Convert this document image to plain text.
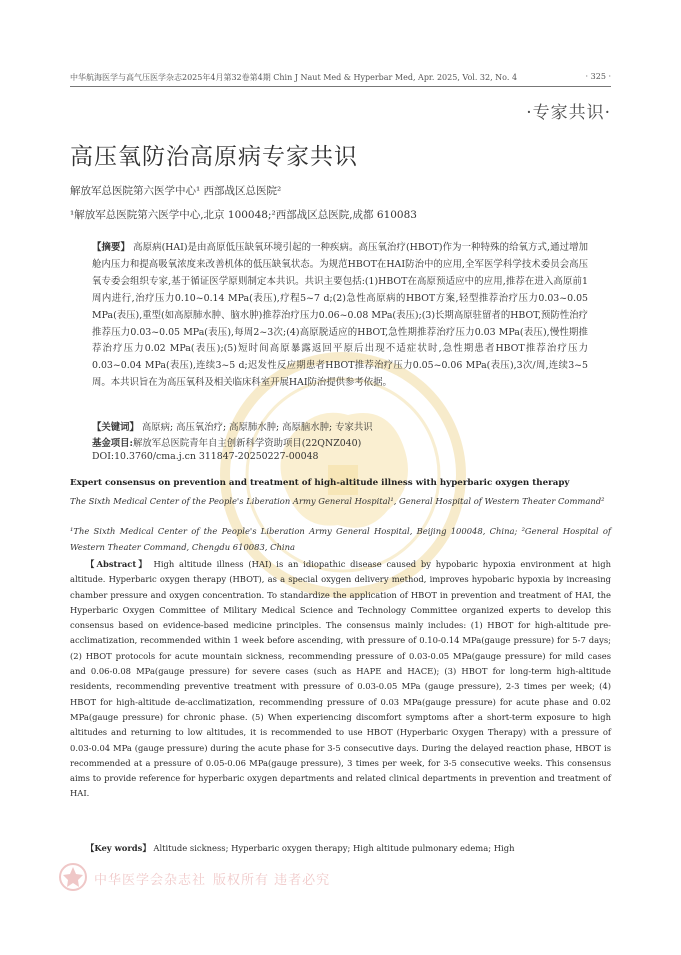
中华航海医学与高气压医学杂志2025年4月第32卷第4期 Chin J Naut Med & Hyperbar Med, Apr. 2025, Vol. 32, No. 4	· 325 ·
·专家共识·
高压氧防治高原病专家共识
解放军总医院第六医学中心¹ 西部战区总医院²
¹解放军总医院第六医学中心,北京 100048;²西部战区总医院,成都 610083

【摘要】 高原病(HAI)是由高原低压缺氧环境引起的一种疾病。高压氧治疗(HBOT)作为一种特殊的给氧方式,通过增加舱内压力和提高吸氧浓度来改善机体的低压缺氧状态。为规范HBOT在HAI防治中的应用,全军医学科学技术委员会高压氧专委会组织专家,基于循证医学原则制定本共识。共识主要包括:(1)HBOT在高原预适应中的应用,推荐在进入高原前1周内进行,治疗压力0.10~0.14 MPa(表压),疗程5~7 d;(2)急性高原病的HBOT方案,轻型推荐治疗压力0.03~0.05 MPa(表压),重型(如高原肺水肿、脑水肿)推荐治疗压力0.06~0.08 MPa(表压);(3)长期高原驻留者的HBOT,预防性治疗推荐压力0.03~0.05 MPa(表压),每周2~3次;(4)高原脱适应的HBOT,急性期推荐治疗压力0.03 MPa(表压),慢性期推荐治疗压力0.02 MPa(表压);(5)短时间高原暴露返回平原后出现不适症状时,急性期患者HBOT推荐治疗压力0.03~0.04 MPa(表压),连续3~5 d;迟发性反应期患者HBOT推荐治疗压力0.05~0.06 MPa(表压),3次/周,连续3~5周。本共识旨在为高压氧科及相关临床科室开展HAI防治提供参考依据。

【关键词】 高原病; 高压氧治疗; 高原肺水肿; 高原脑水肿; 专家共识
基金项目:解放军总医院青年自主创新科学资助项目(22QNZ040)
DOI:10.3760/cma.j.cn 311847-20250227-00048
Expert consensus on prevention and treatment of high-altitude illness with hyperbaric oxygen therapy
The Sixth Medical Center of the People's Liberation Army General Hospital¹, General Hospital of Western Theater Command²
¹The Sixth Medical Center of the People's Liberation Army General Hospital, Beijing 100048, China; ²General Hospital of Western Theater Command, Chengdu 610083, China

【Abstract】 High altitude illness (HAI) is an idiopathic disease caused by hypobaric hypoxia environment at high altitude. Hyperbaric oxygen therapy (HBOT), as a special oxygen delivery method, improves hypobaric hypoxia by increasing chamber pressure and oxygen concentration. To standardize the application of HBOT in prevention and treatment of HAI, the Hyperbaric Oxygen Committee of Military Medical Science and Technology Committee organized experts to develop this consensus based on evidence-based medicine principles. The consensus mainly includes: (1) HBOT for high-altitude pre-acclimatization, recommended within 1 week before ascending, with pressure of 0.10-0.14 MPa(gauge pressure) for 5-7 days; (2) HBOT protocols for acute mountain sickness, recommending pressure of 0.03-0.05 MPa(gauge pressure) for mild cases and 0.06-0.08 MPa(gauge pressure) for severe cases (such as HAPE and HACE); (3) HBOT for long-term high-altitude residents, recommending preventive treatment with pressure of 0.03-0.05 MPa (gauge pressure), 2-3 times per week; (4) HBOT for high-altitude de-acclimatization, recommending pressure of 0.03 MPa(gauge pressure) for acute phase and 0.02 MPa(gauge pressure) for chronic phase. (5) When experiencing discomfort symptoms after a short-term exposure to high altitudes and returning to low altitudes, it is recommended to use HBOT (Hyperbaric Oxygen Therapy) with a pressure of 0.03-0.04 MPa (gauge pressure) during the acute phase for 3-5 consecutive days. During the delayed reaction phase, HBOT is recommended at a pressure of 0.05-0.06 MPa(gauge pressure), 3 times per week, for 3-5 consecutive weeks. This consensus aims to provide reference for hyperbaric oxygen departments and related clinical departments in prevention and treatment of HAI.

【Key words】 Altitude sickness; Hyperbaric oxygen therapy; High altitude pulmonary edema; High
中华医学会杂志社 版权所有 违者必究
